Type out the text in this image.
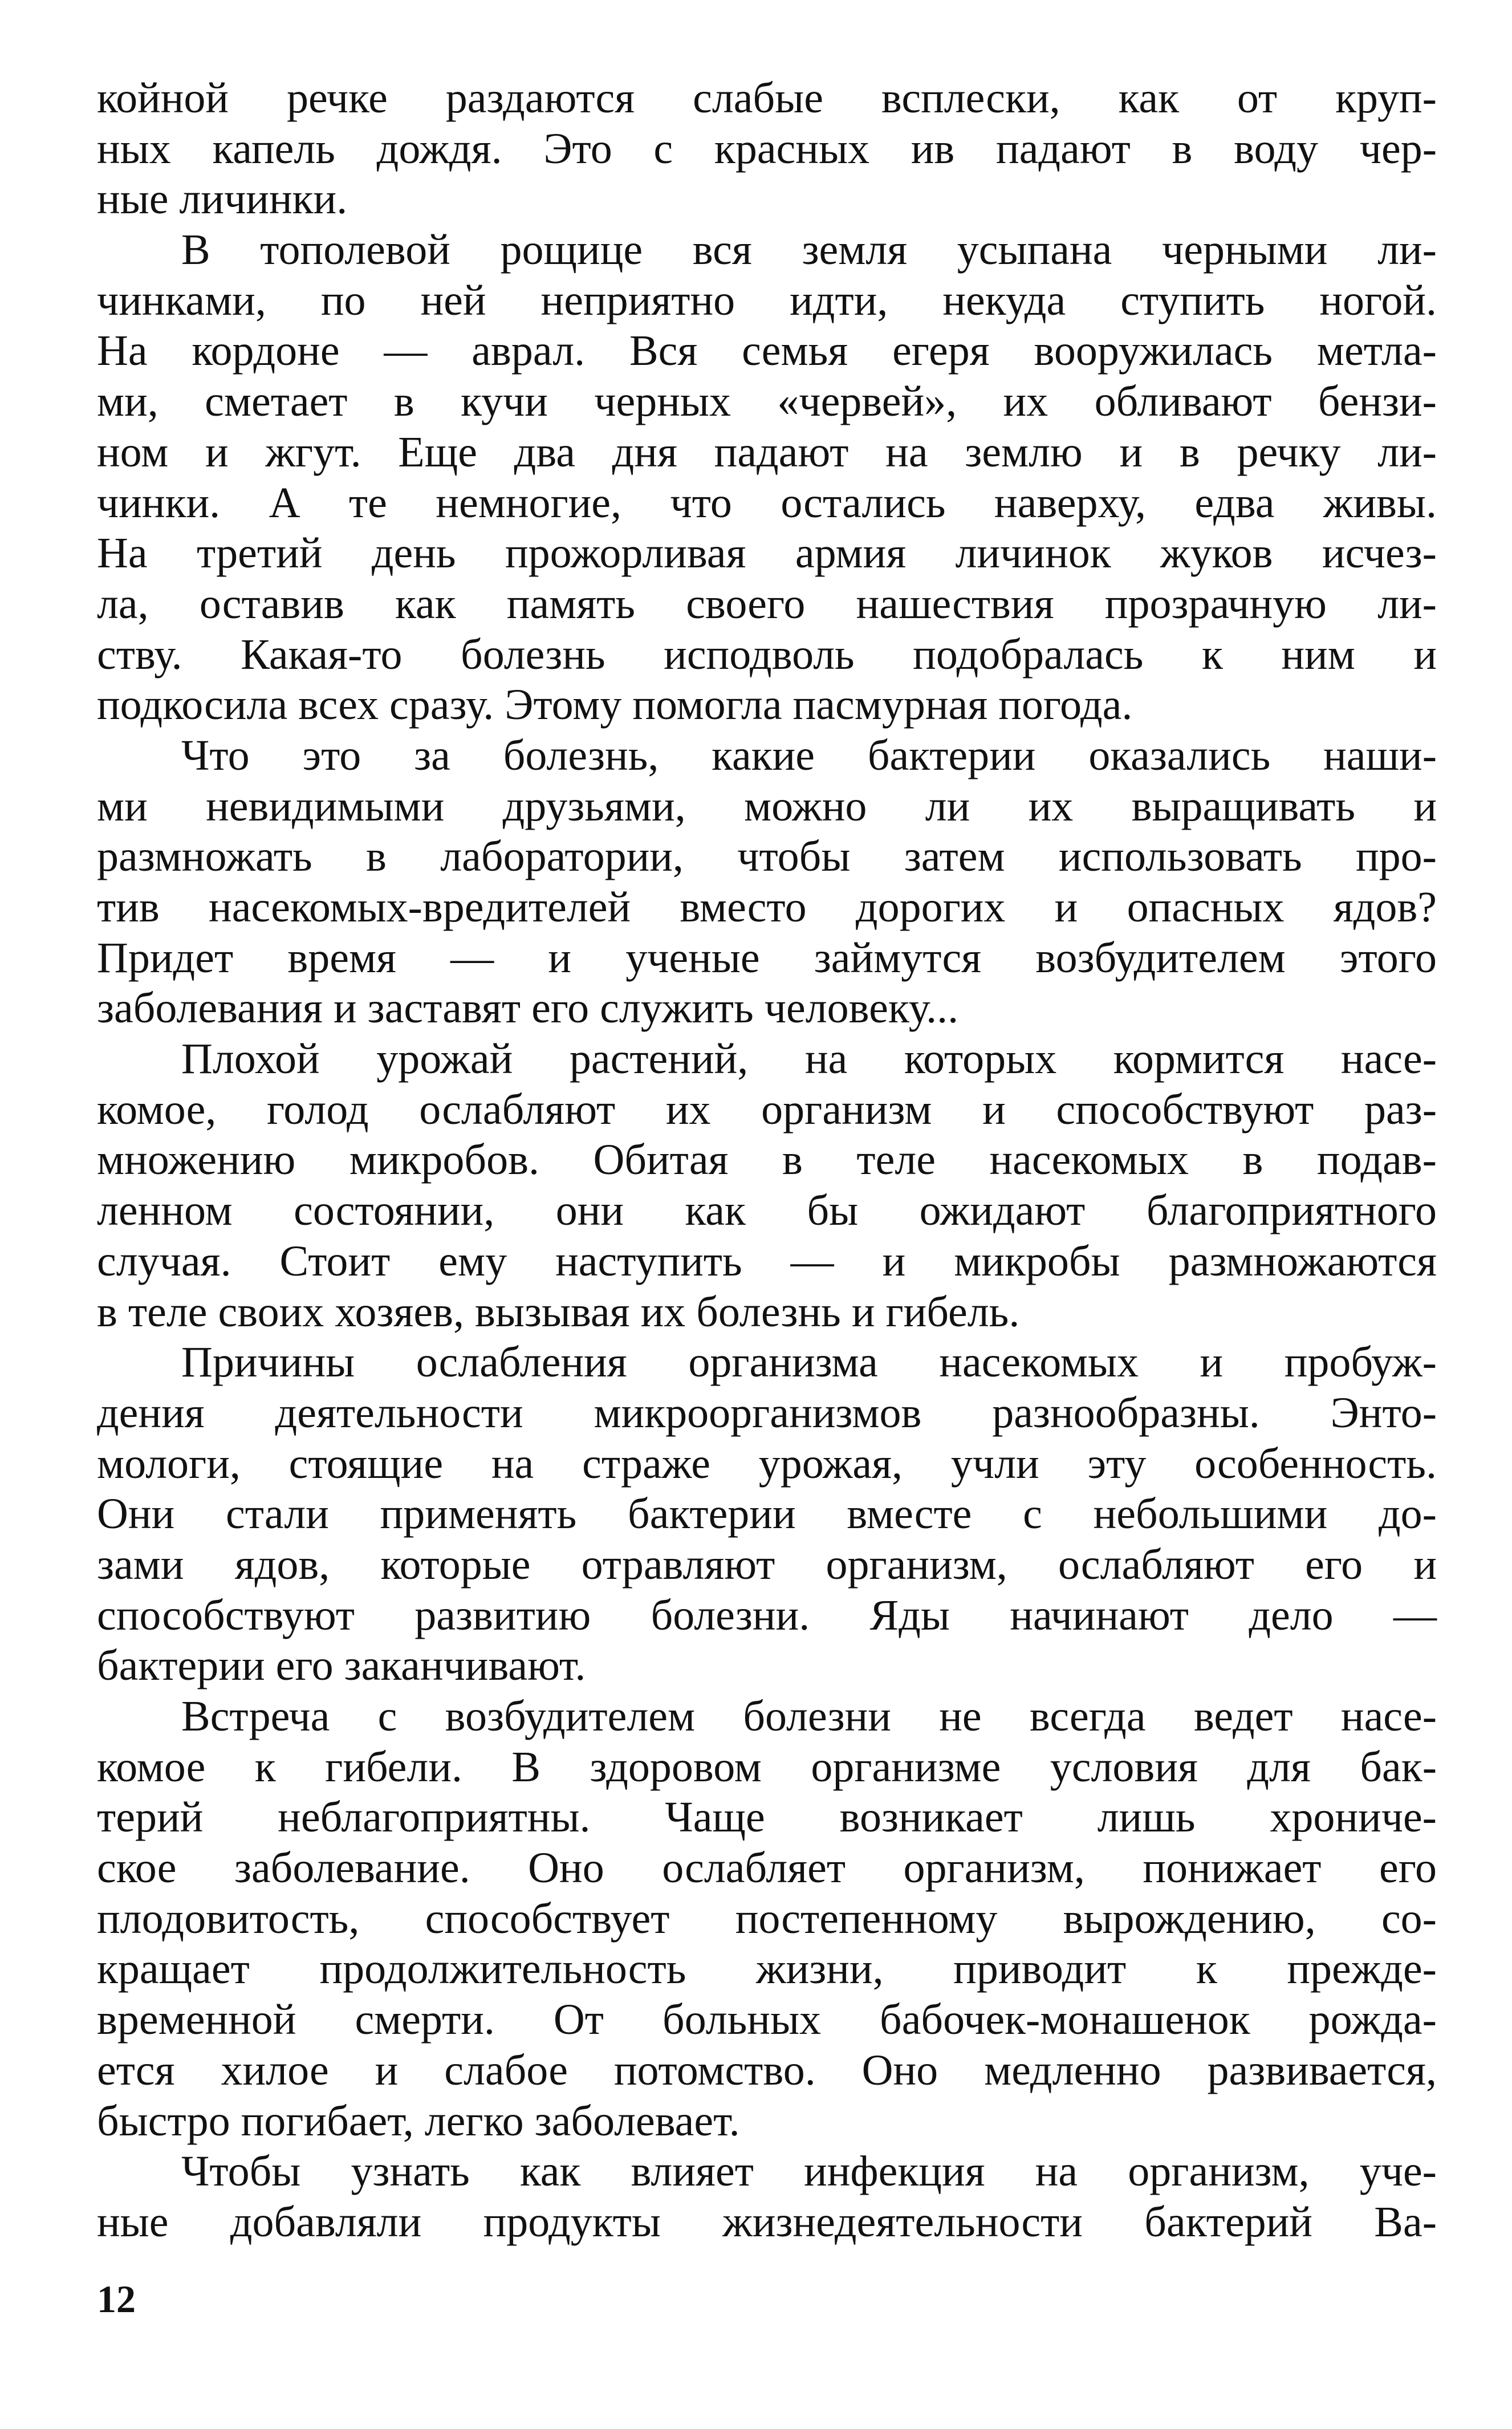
койной речке раздаются слабые всплески, как от круп-
ных капель дождя. Это с красных ив падают в воду чер-
ные личинки.
В тополевой рощице вся земля усыпана черными ли-
чинками, по ней неприятно идти, некуда ступить ногой.
На кордоне — аврал. Вся семья егеря вооружилась метла-
ми, сметает в кучи черных «червей», их обливают бензи-
ном и жгут. Еще два дня падают на землю и в речку ли-
чинки. А те немногие, что остались наверху, едва живы.
На третий день прожорливая армия личинок жуков исчез-
ла, оставив как память своего нашествия прозрачную ли-
ству. Какая-то болезнь исподволь подобралась к ним и
подкосила всех сразу. Этому помогла пасмурная погода.
Что это за болезнь, какие бактерии оказались наши-
ми невидимыми друзьями, можно ли их выращивать и
размножать в лаборатории, чтобы затем использовать про-
тив насекомых-вредителей вместо дорогих и опасных ядов?
Придет время — и ученые займутся возбудителем этого
заболевания и заставят его служить человеку...
Плохой урожай растений, на которых кормится насе-
комое, голод ослабляют их организм и способствуют раз-
множению микробов. Обитая в теле насекомых в подав-
ленном состоянии, они как бы ожидают благоприятного
случая. Стоит ему наступить — и микробы размножаются
в теле своих хозяев, вызывая их болезнь и гибель.
Причины ослабления организма насекомых и пробуж-
дения деятельности микроорганизмов разнообразны. Энто-
мологи, стоящие на страже урожая, учли эту особенность.
Они стали применять бактерии вместе с небольшими до-
зами ядов, которые отравляют организм, ослабляют его и
способствуют развитию болезни. Яды начинают дело —
бактерии его заканчивают.
Встреча с возбудителем болезни не всегда ведет насе-
комое к гибели. В здоровом организме условия для бак-
терий неблагоприятны. Чаще возникает лишь хрониче-
ское заболевание. Оно ослабляет организм, понижает его
плодовитость, способствует постепенному вырождению, со-
кращает продолжительность жизни, приводит к прежде-
временной смерти. От больных бабочек-монашенок рожда-
ется хилое и слабое потомство. Оно медленно развивается,
быстро погибает, легко заболевает.
Чтобы узнать как влияет инфекция на организм, уче-
ные добавляли продукты жизнедеятельности бактерий Ва-
12
